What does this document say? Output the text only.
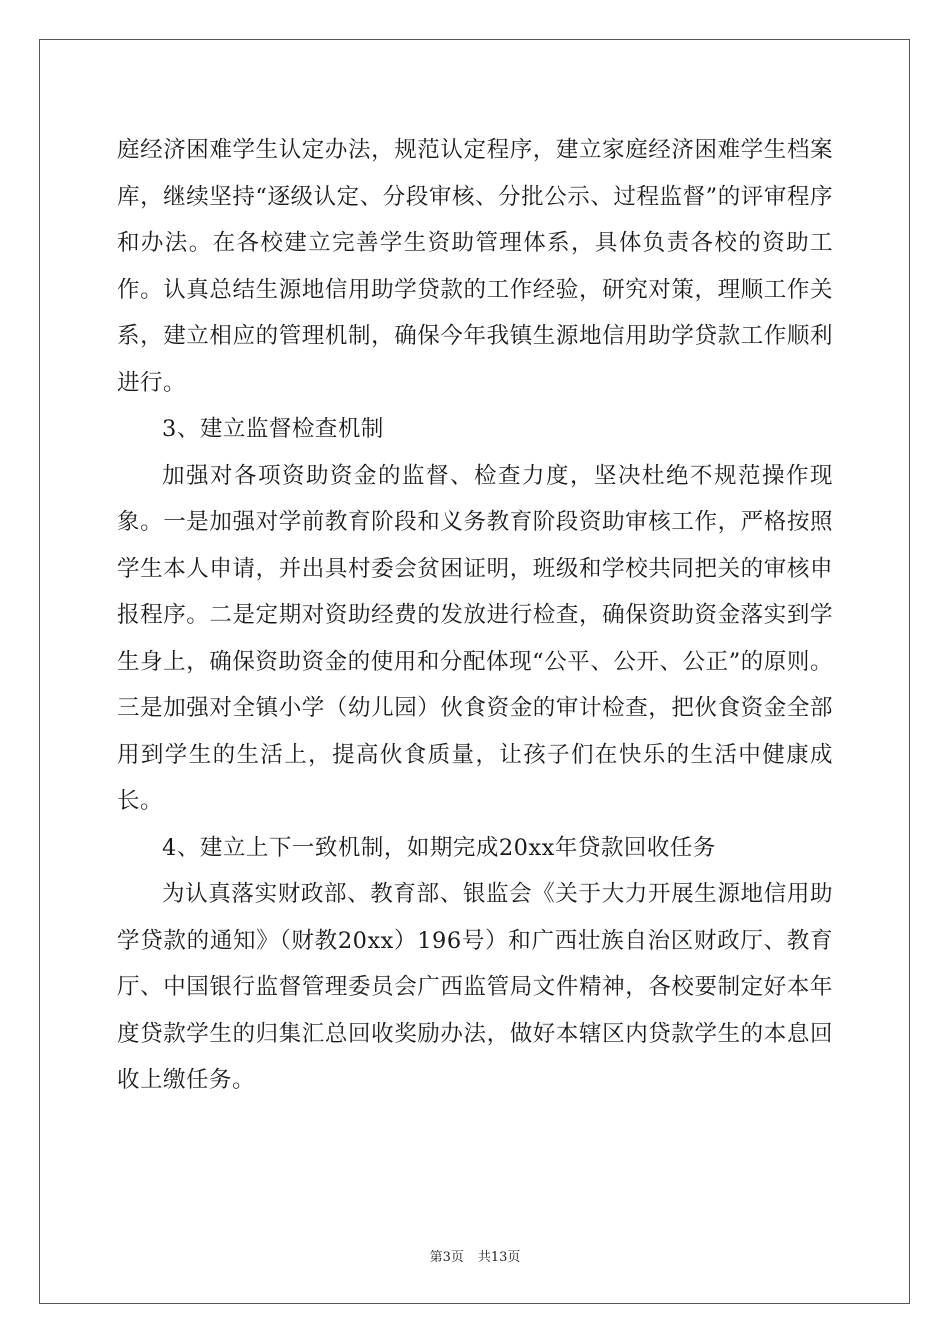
庭经济困难学生认定办法，规范认定程序，建立家庭经济困难学生档案库，继续坚持“逐级认定、分段审核、分批公示、过程监督”的评审程序和办法。在各校建立完善学生资助管理体系，具体负责各校的资助工作。认真总结生源地信用助学贷款的工作经验，研究对策，理顺工作关系，建立相应的管理机制，确保今年我镇生源地信用助学贷款工作顺利进行。

3、建立监督检查机制

加强对各项资助资金的监督、检查力度，坚决杜绝不规范操作现象。一是加强对学前教育阶段和义务教育阶段资助审核工作，严格按照学生本人申请，并出具村委会贫困证明，班级和学校共同把关的审核申报程序。二是定期对资助经费的发放进行检查，确保资助资金落实到学生身上，确保资助资金的使用和分配体现“公平、公开、公正”的原则。三是加强对全镇小学（幼儿园）伙食资金的审计检查，把伙食资金全部用到学生的生活上，提高伙食质量，让孩子们在快乐的生活中健康成长。

4、建立上下一致机制，如期完成20xx年贷款回收任务

为认真落实财政部、教育部、银监会《关于大力开展生源地信用助学贷款的通知》（财教20xx）196号）和广西壮族自治区财政厅、教育厅、中国银行监督管理委员会广西监管局文件精神，各校要制定好本年度贷款学生的归集汇总回收奖励办法，做好本辖区内贷款学生的本息回收上缴任务。

第3页 共13页
